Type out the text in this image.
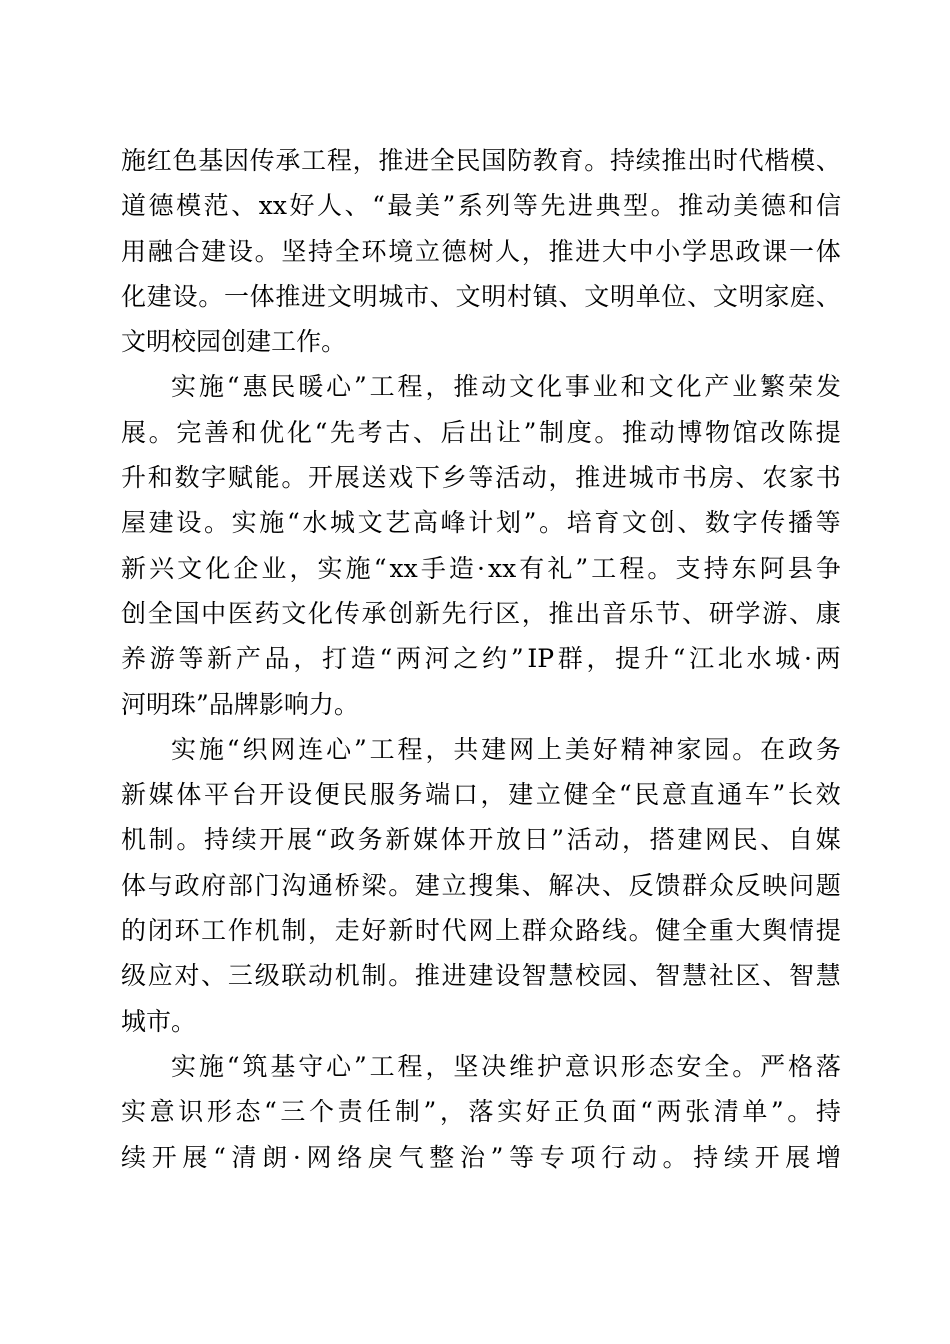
施 红 色 基 因 传 承 工 程 ， 推 进 全 民 国 防 教 育 。 持 续 推 出 时 代 楷 模 、
道 德 模 范 、 xx 好 人 、 “ 最 美 ” 系 列 等 先 进 典 型 。 推 动 美 德 和 信
用 融 合 建 设 。 坚 持 全 环 境 立 德 树 人 ， 推 进 大 中 小 学 思 政 课 一 体
化 建 设 。 一 体 推 进 文 明 城 市 、 文 明 村 镇 、 文 明 单 位 、 文 明 家 庭 、
文 明 校 园 创 建 工 作 。
实 施 “ 惠 民 暖 心 ” 工 程 ， 推 动 文 化 事 业 和 文 化 产 业 繁 荣 发
展 。 完 善 和 优 化 “ 先 考 古 、 后 出 让 ” 制 度 。 推 动 博 物 馆 改 陈 提
升 和 数 字 赋 能 。 开 展 送 戏 下 乡 等 活 动 ， 推 进 城 市 书 房 、 农 家 书
屋 建 设 。 实 施 “ 水 城 文 艺 高 峰 计 划 ” 。 培 育 文 创 、 数 字 传 播 等
新 兴 文 化 企 业 ， 实 施 “ xx 手 造 · xx 有 礼 ” 工 程 。 支 持 东 阿 县 争
创 全 国 中 医 药 文 化 传 承 创 新 先 行 区 ， 推 出 音 乐 节 、 研 学 游 、 康
养 游 等 新 产 品 ， 打 造 “ 两 河 之 约 ” IP 群 ， 提 升 “ 江 北 水 城 · 两
河 明 珠 ” 品 牌 影 响 力 。
实 施 “ 织 网 连 心 ” 工 程 ， 共 建 网 上 美 好 精 神 家 园 。 在 政 务
新 媒 体 平 台 开 设 便 民 服 务 端 口 ， 建 立 健 全 “ 民 意 直 通 车 ” 长 效
机 制 。 持 续 开 展 “ 政 务 新 媒 体 开 放 日 ” 活 动 ， 搭 建 网 民 、 自 媒
体 与 政 府 部 门 沟 通 桥 梁 。 建 立 搜 集 、 解 决 、 反 馈 群 众 反 映 问 题
的 闭 环 工 作 机 制 ， 走 好 新 时 代 网 上 群 众 路 线 。 健 全 重 大 舆 情 提
级 应 对 、 三 级 联 动 机 制 。 推 进 建 设 智 慧 校 园 、 智 慧 社 区 、 智 慧
城 市 。
实 施 “ 筑 基 守 心 ” 工 程 ， 坚 决 维 护 意 识 形 态 安 全 。 严 格 落
实 意 识 形 态 “ 三 个 责 任 制 ” ， 落 实 好 正 负 面 “ 两 张 清 单 ” 。 持
续 开 展 “ 清 朗 · 网 络 戾 气 整 治 ” 等 专 项 行 动 。 持 续 开 展 增
